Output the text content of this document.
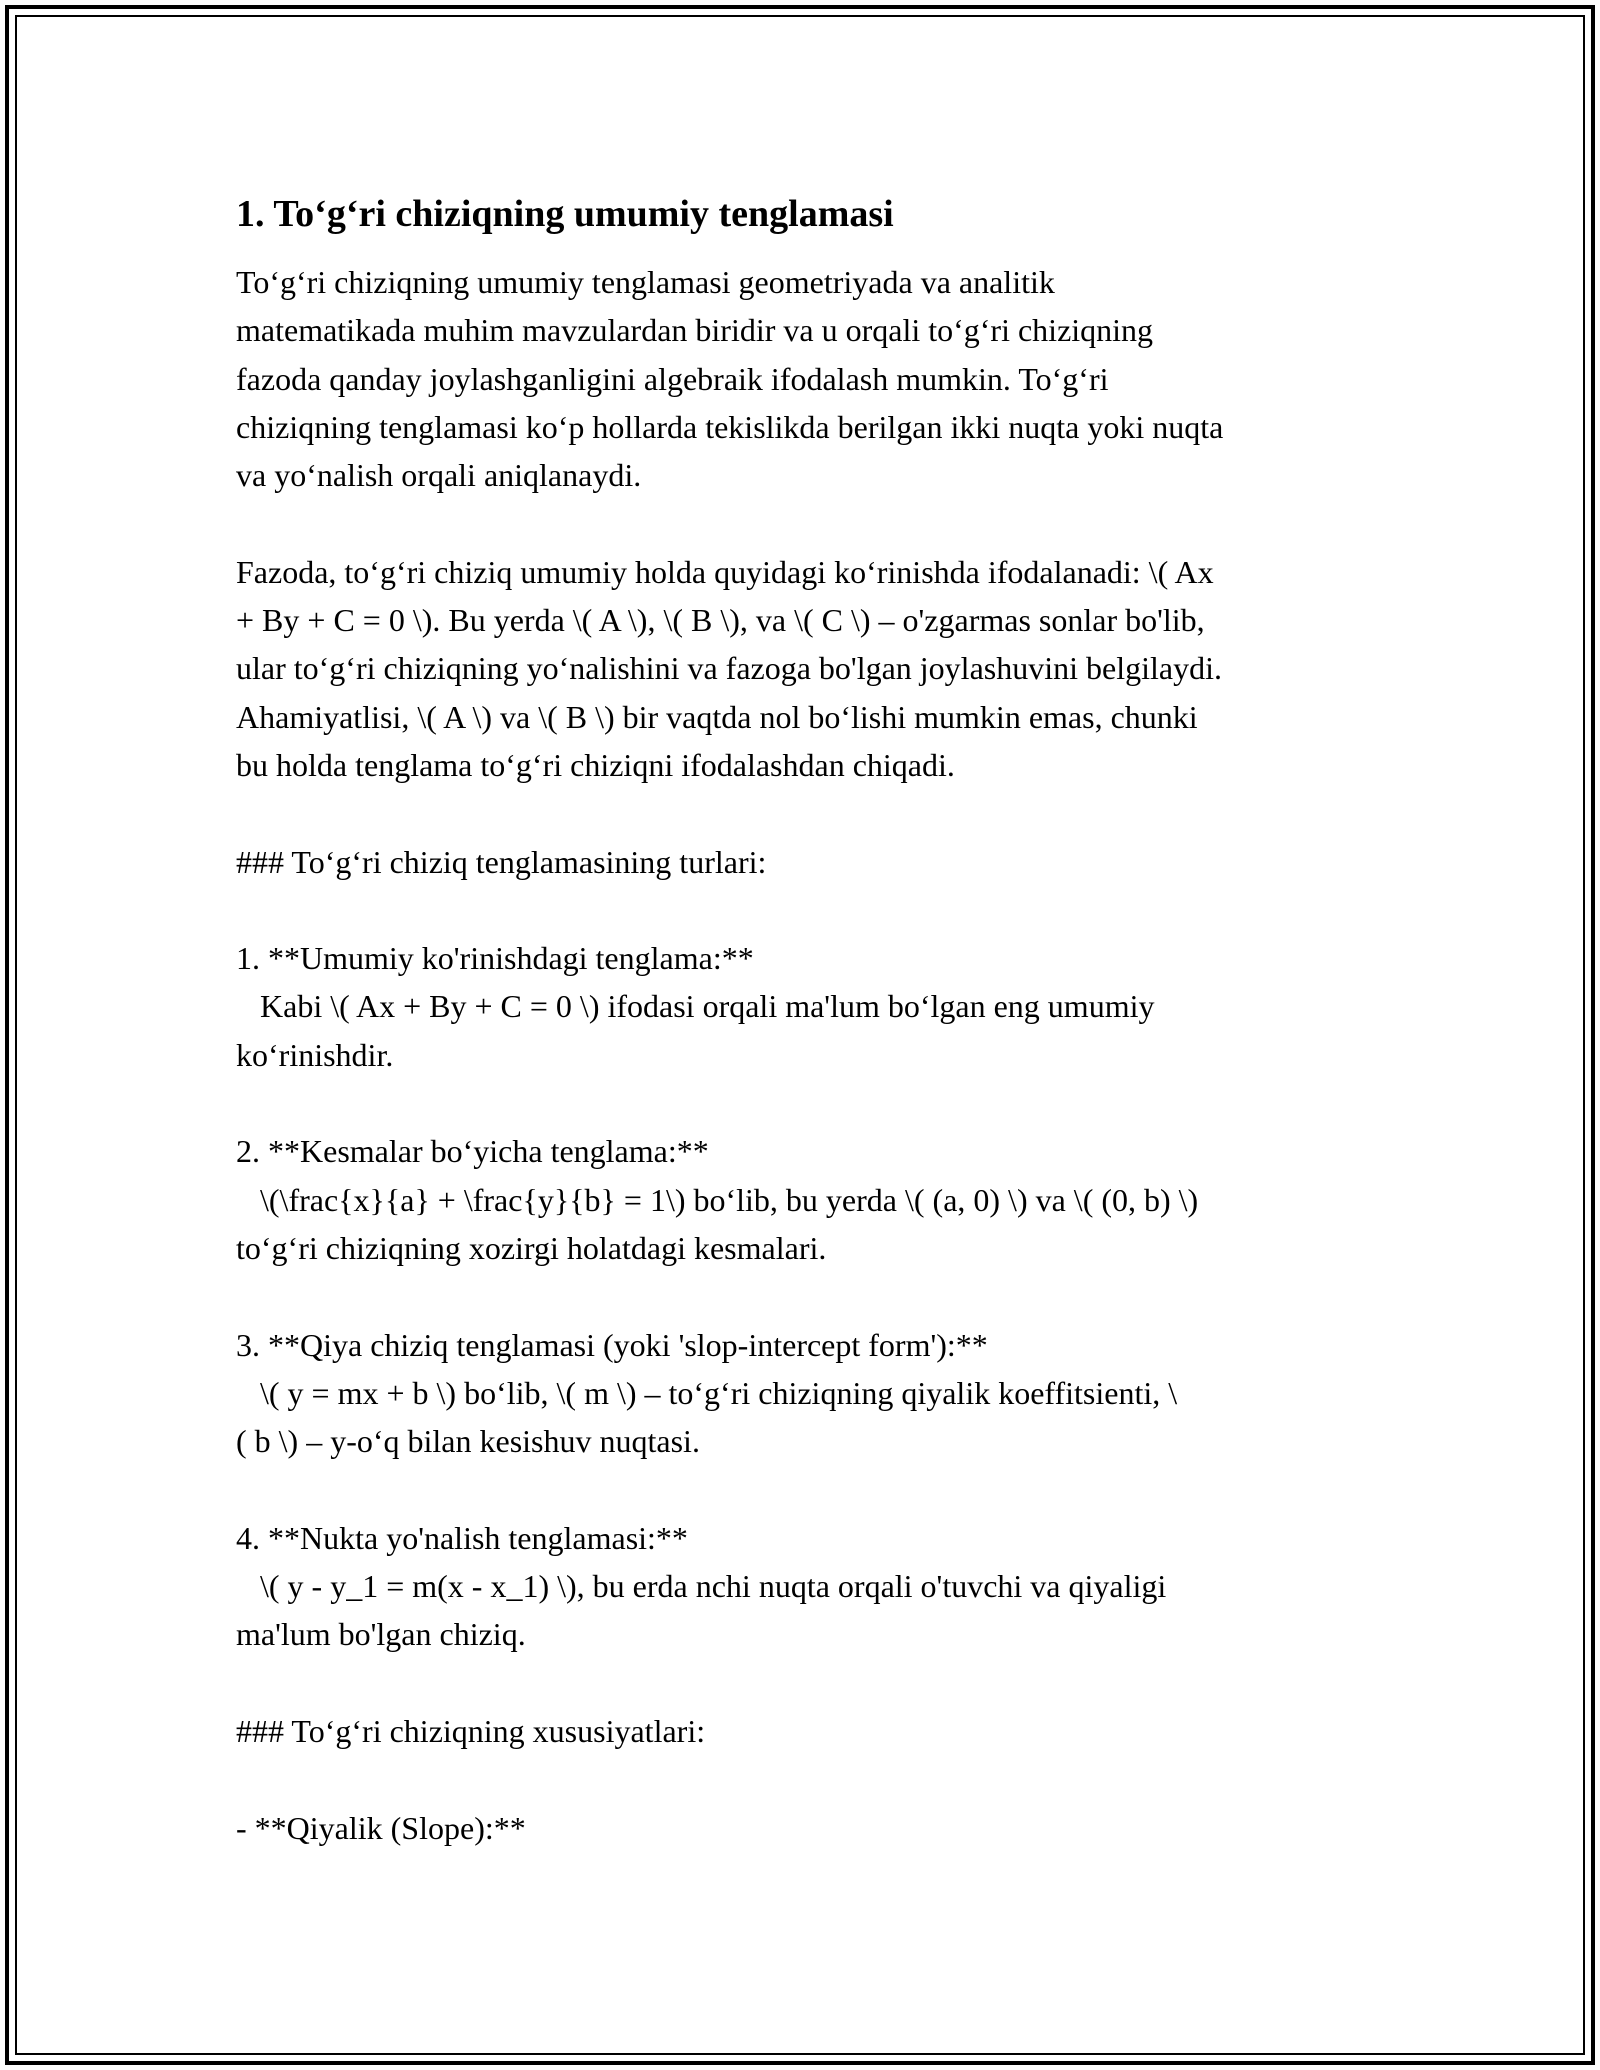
1. To‘g‘ri chiziqning umumiy tenglamasi
To‘g‘ri chiziqning umumiy tenglamasi geometriyada va analitik
matematikada muhim mavzulardan biridir va u orqali to‘g‘ri chiziqning
fazoda qanday joylashganligini algebraik ifodalash mumkin. To‘g‘ri
chiziqning tenglamasi ko‘p hollarda tekislikda berilgan ikki nuqta yoki nuqta
va yo‘nalish orqali aniqlanaydi.
Fazoda, to‘g‘ri chiziq umumiy holda quyidagi ko‘rinishda ifodalanadi: \( Ax
+ By + C = 0 \). Bu yerda \( A \), \( B \), va \( C \) – o'zgarmas sonlar bo'lib,
ular to‘g‘ri chiziqning yo‘nalishini va fazoga bo'lgan joylashuvini belgilaydi.
Ahamiyatlisi, \( A \) va \( B \) bir vaqtda nol bo‘lishi mumkin emas, chunki
bu holda tenglama to‘g‘ri chiziqni ifodalashdan chiqadi.
### To‘g‘ri chiziq tenglamasining turlari:
1. **Umumiy ko'rinishdagi tenglama:**
Kabi \( Ax + By + C = 0 \) ifodasi orqali ma'lum bo‘lgan eng umumiy
ko‘rinishdir.
2. **Kesmalar bo‘yicha tenglama:**
\(\frac{x}{a} + \frac{y}{b} = 1\) bo‘lib, bu yerda \( (a, 0) \) va \( (0, b) \)
to‘g‘ri chiziqning xozirgi holatdagi kesmalari.
3. **Qiya chiziq tenglamasi (yoki 'slop-intercept form'):**
\( y = mx + b \) bo‘lib, \( m \) – to‘g‘ri chiziqning qiyalik koeffitsienti, \
( b \) – y-o‘q bilan kesishuv nuqtasi.
4. **Nukta yo'nalish tenglamasi:**
\( y - y_1 = m(x - x_1) \), bu erda nchi nuqta orqali o'tuvchi va qiyaligi
ma'lum bo'lgan chiziq.
### To‘g‘ri chiziqning xususiyatlari:
- **Qiyalik (Slope):**
